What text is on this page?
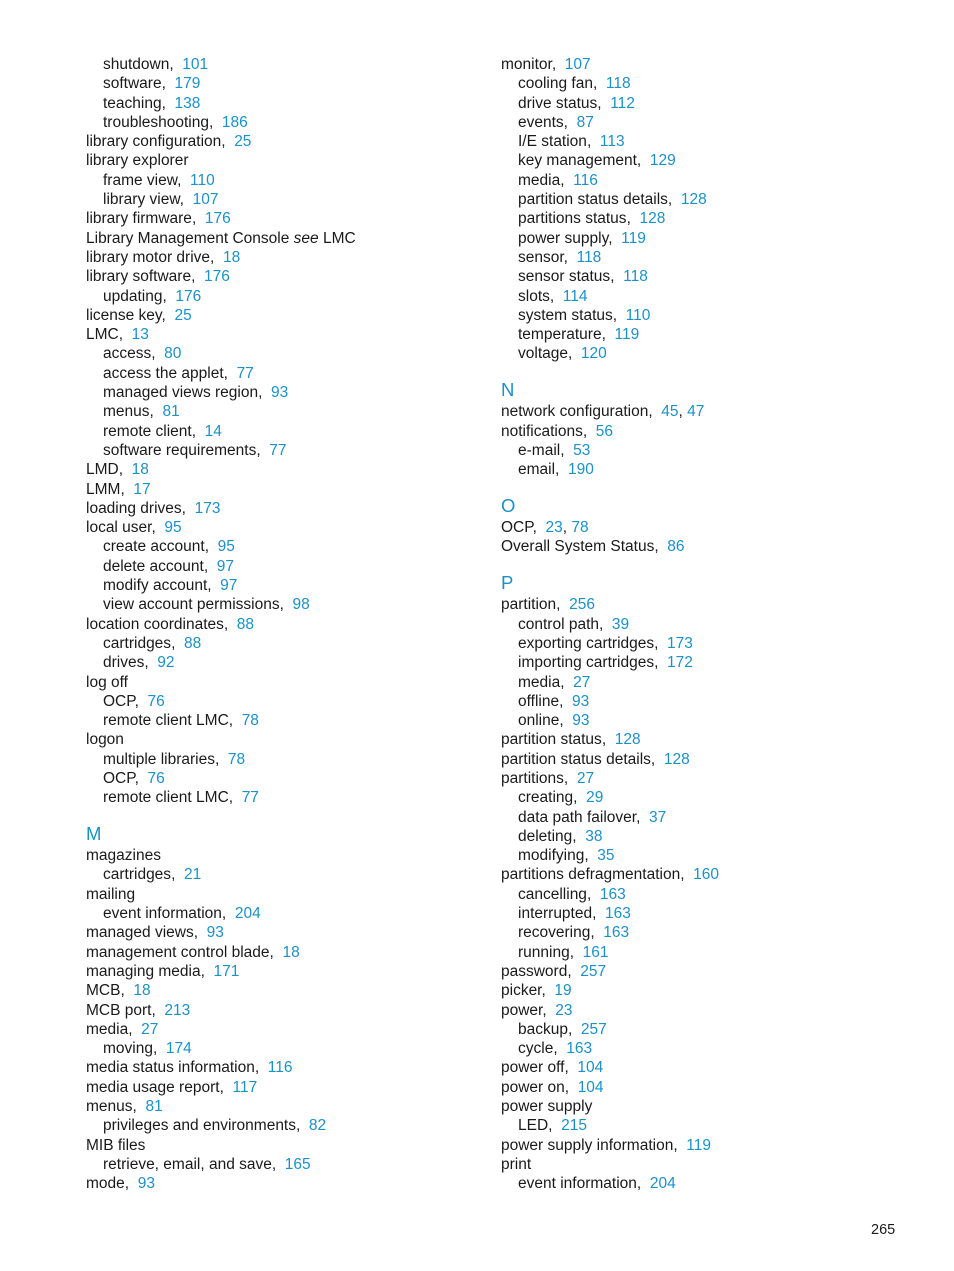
shutdown,  101
software,  179
teaching,  138
troubleshooting,  186
library configuration,  25
library explorer
frame view,  110
library view,  107
library firmware,  176
Library Management Console see LMC
library motor drive,  18
library software,  176
updating,  176
license key,  25
LMC,  13
access,  80
access the applet,  77
managed views region,  93
menus,  81
remote client,  14
software requirements,  77
LMD,  18
LMM,  17
loading drives,  173
local user,  95
create account,  95
delete account,  97
modify account,  97
view account permissions,  98
location coordinates,  88
cartridges,  88
drives,  92
log off
OCP,  76
remote client LMC,  78
logon
multiple libraries,  78
OCP,  76
remote client LMC,  77
M
magazines
cartridges,  21
mailing
event information,  204
managed views,  93
management control blade,  18
managing media,  171
MCB,  18
MCB port,  213
media,  27
moving,  174
media status information,  116
media usage report,  117
menus,  81
privileges and environments,  82
MIB files
retrieve, email, and save,  165
mode,  93
monitor,  107
cooling fan,  118
drive status,  112
events,  87
I/E station,  113
key management,  129
media,  116
partition status details,  128
partitions status,  128
power supply,  119
sensor,  118
sensor status,  118
slots,  114
system status,  110
temperature,  119
voltage,  120
N
network configuration,  45, 47
notifications,  56
e-mail,  53
email,  190
O
OCP,  23, 78
Overall System Status,  86
P
partition,  256
control path,  39
exporting cartridges,  173
importing cartridges,  172
media,  27
offline,  93
online,  93
partition status,  128
partition status details,  128
partitions,  27
creating,  29
data path failover,  37
deleting,  38
modifying,  35
partitions defragmentation,  160
cancelling,  163
interrupted,  163
recovering,  163
running,  161
password,  257
picker,  19
power,  23
backup,  257
cycle,  163
power off,  104
power on,  104
power supply
LED,  215
power supply information,  119
print
event information,  204
265
